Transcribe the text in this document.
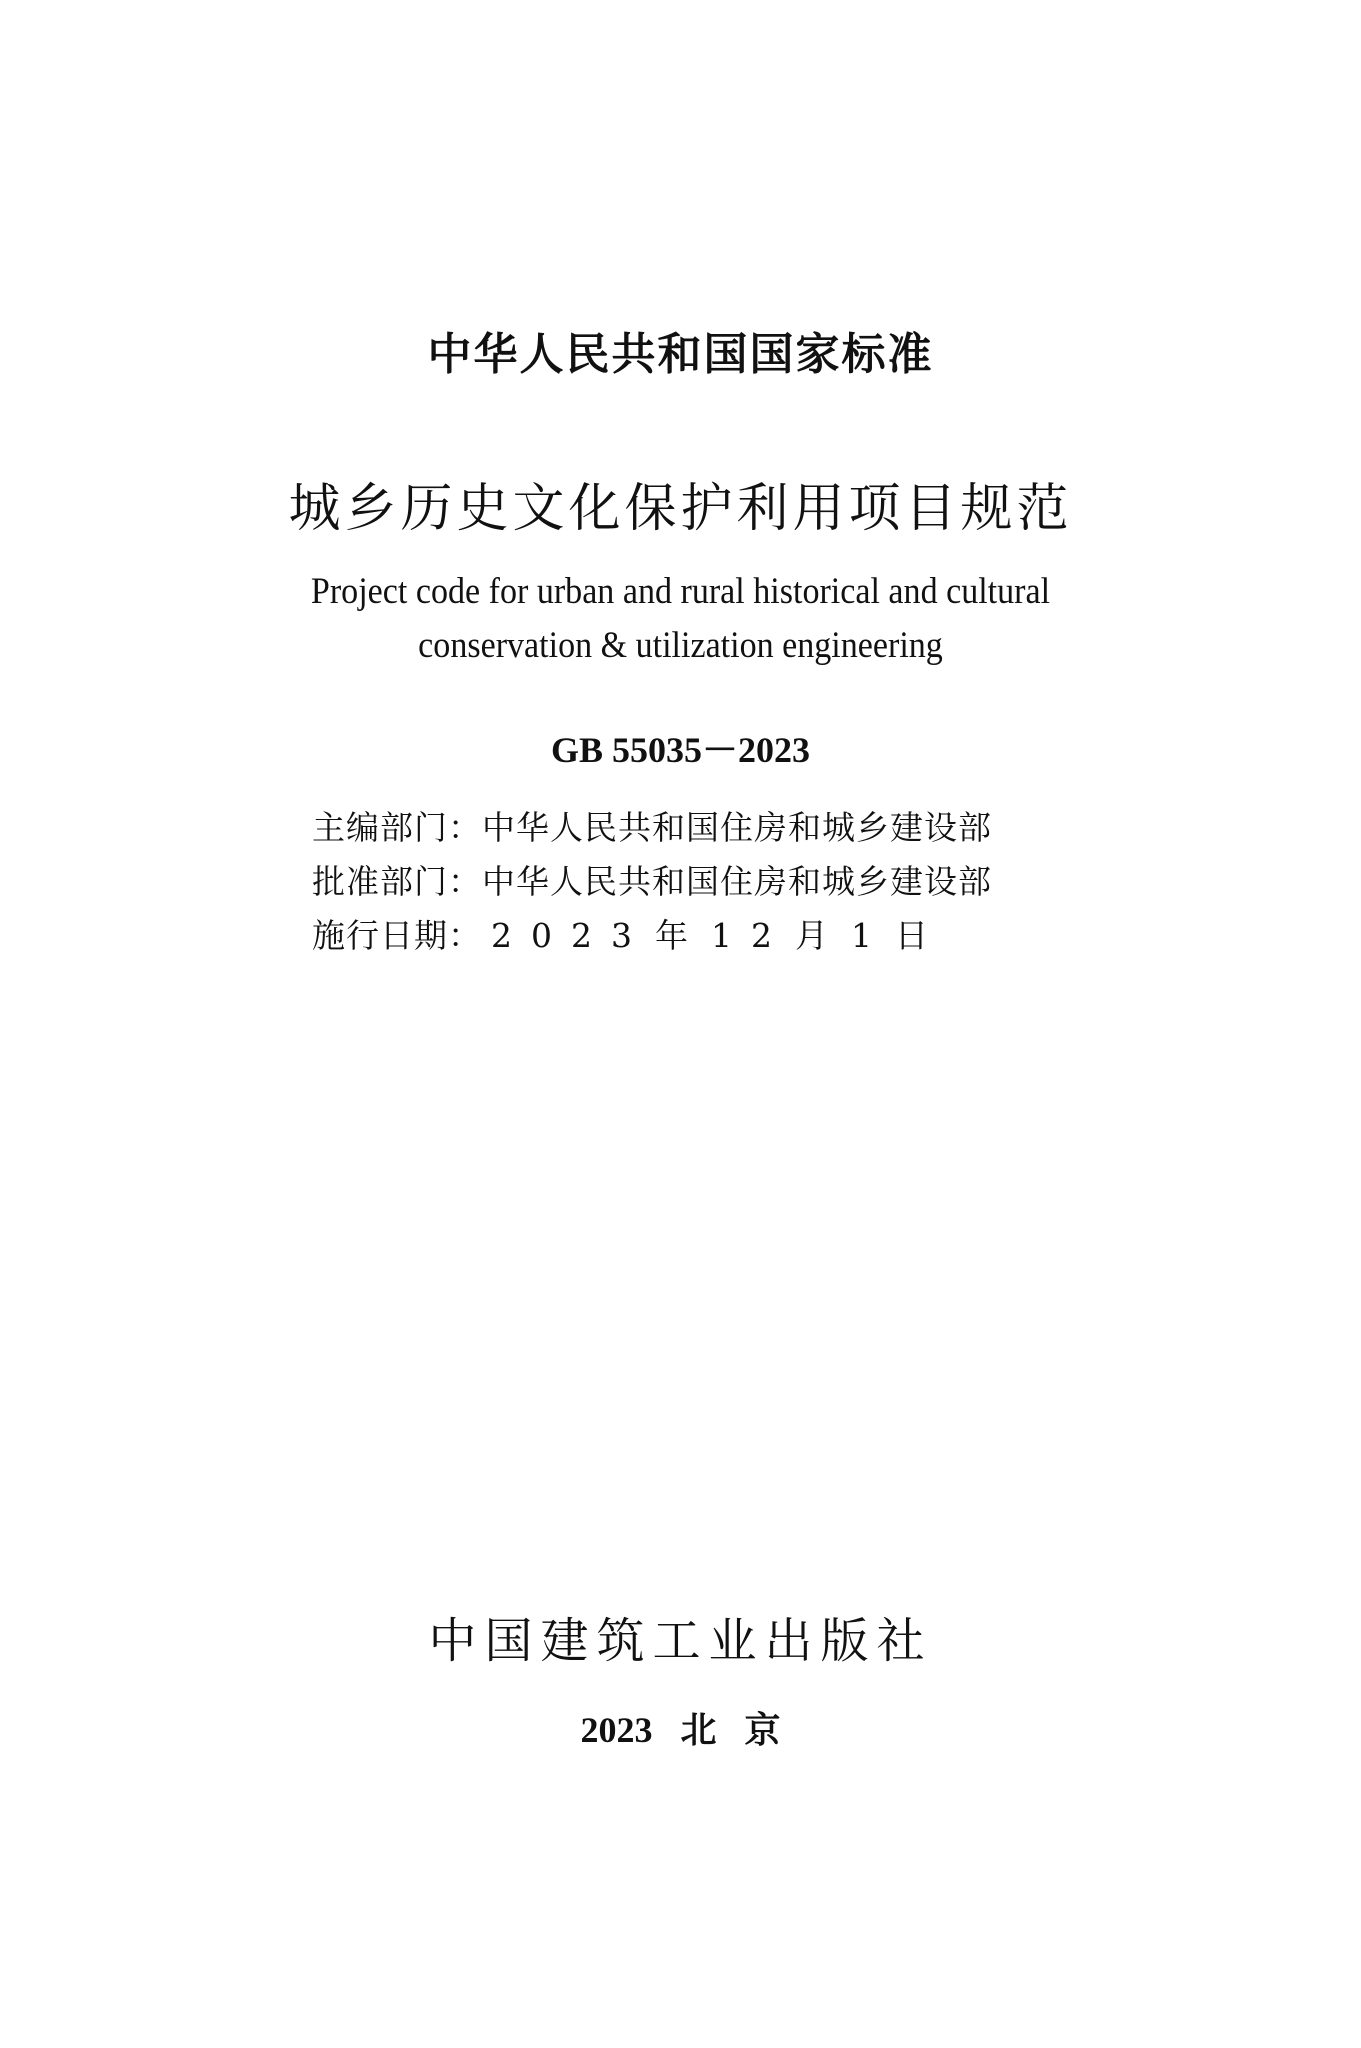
中华人民共和国国家标准
城乡历史文化保护利用项目规范
Project code for urban and rural historical and cultural
conservation & utilization engineering
GB 55035－2023
主编部门：中华人民共和国住房和城乡建设部
批准部门：中华人民共和国住房和城乡建设部
施行日期： 2 0 2 3 年 1 2 月 1 日
中国建筑工业出版社
2023 北 京
